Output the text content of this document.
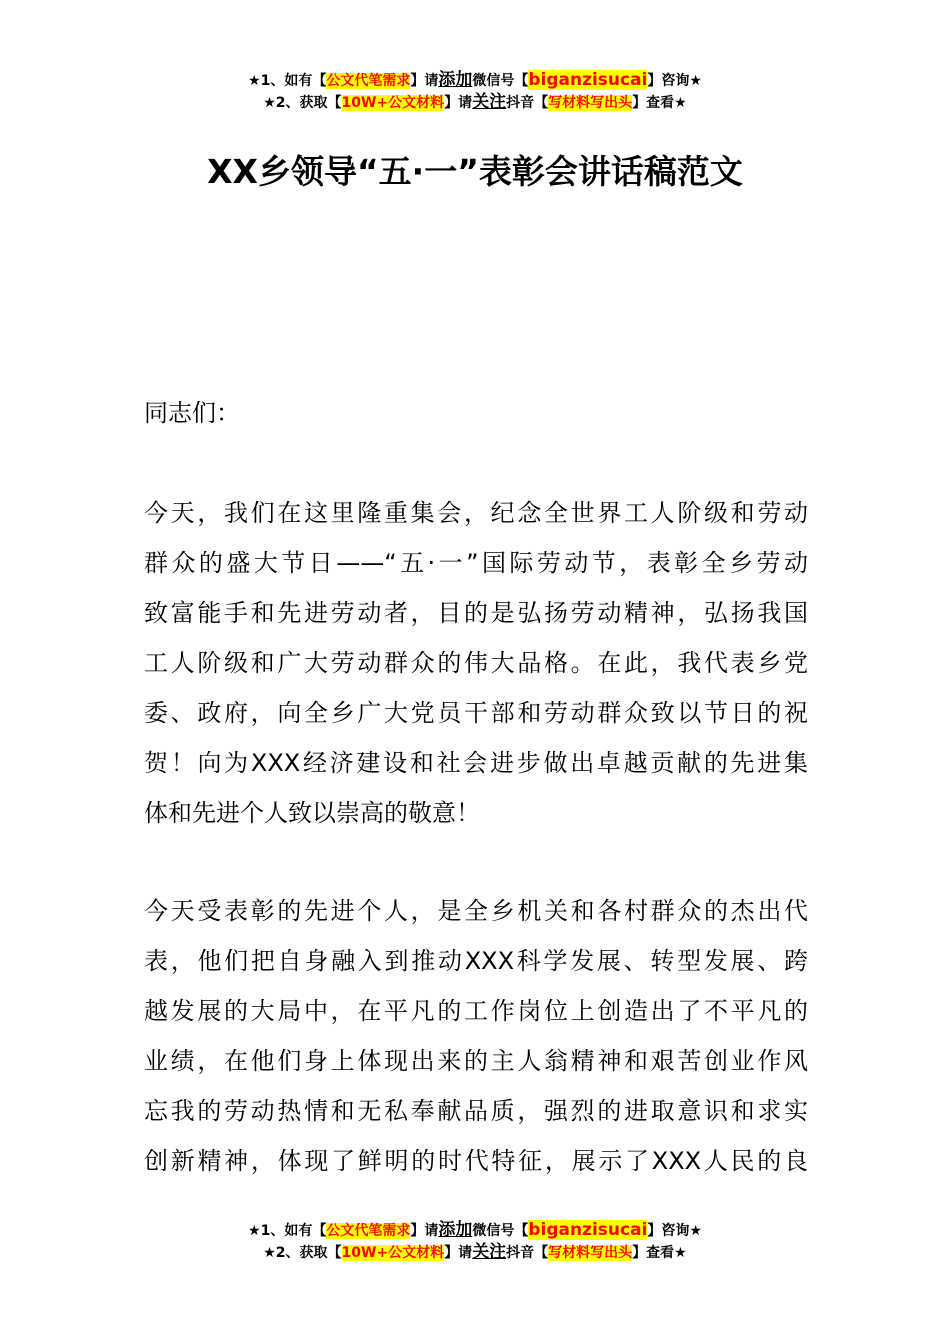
★1、如有【公文代笔需求】请添加微信号【biganzisucai】咨询★
★2、获取【10W+公文材料】请关注抖音【写材料写出头】查看★
XX乡领导“五·一”表彰会讲话稿范文
同志们：
今天，我们在这里隆重集会，纪念全世界工人阶级和劳动
群众的盛大节日——“五·一”国际劳动节，表彰全乡劳动
致富能手和先进劳动者，目的是弘扬劳动精神，弘扬我国
工人阶级和广大劳动群众的伟大品格。在此，我代表乡党
委、政府，向全乡广大党员干部和劳动群众致以节日的祝
贺！向为XXX经济建设和社会进步做出卓越贡献的先进集
体和先进个人致以崇高的敬意！
今天受表彰的先进个人，是全乡机关和各村群众的杰出代
表，他们把自身融入到推动XXX科学发展、转型发展、跨
越发展的大局中，在平凡的工作岗位上创造出了不平凡的
业绩，在他们身上体现出来的主人翁精神和艰苦创业作风
忘我的劳动热情和无私奉献品质，强烈的进取意识和求实
创新精神，体现了鲜明的时代特征，展示了XXX人民的良
★1、如有【公文代笔需求】请添加微信号【biganzisucai】咨询★
★2、获取【10W+公文材料】请关注抖音【写材料写出头】查看★
